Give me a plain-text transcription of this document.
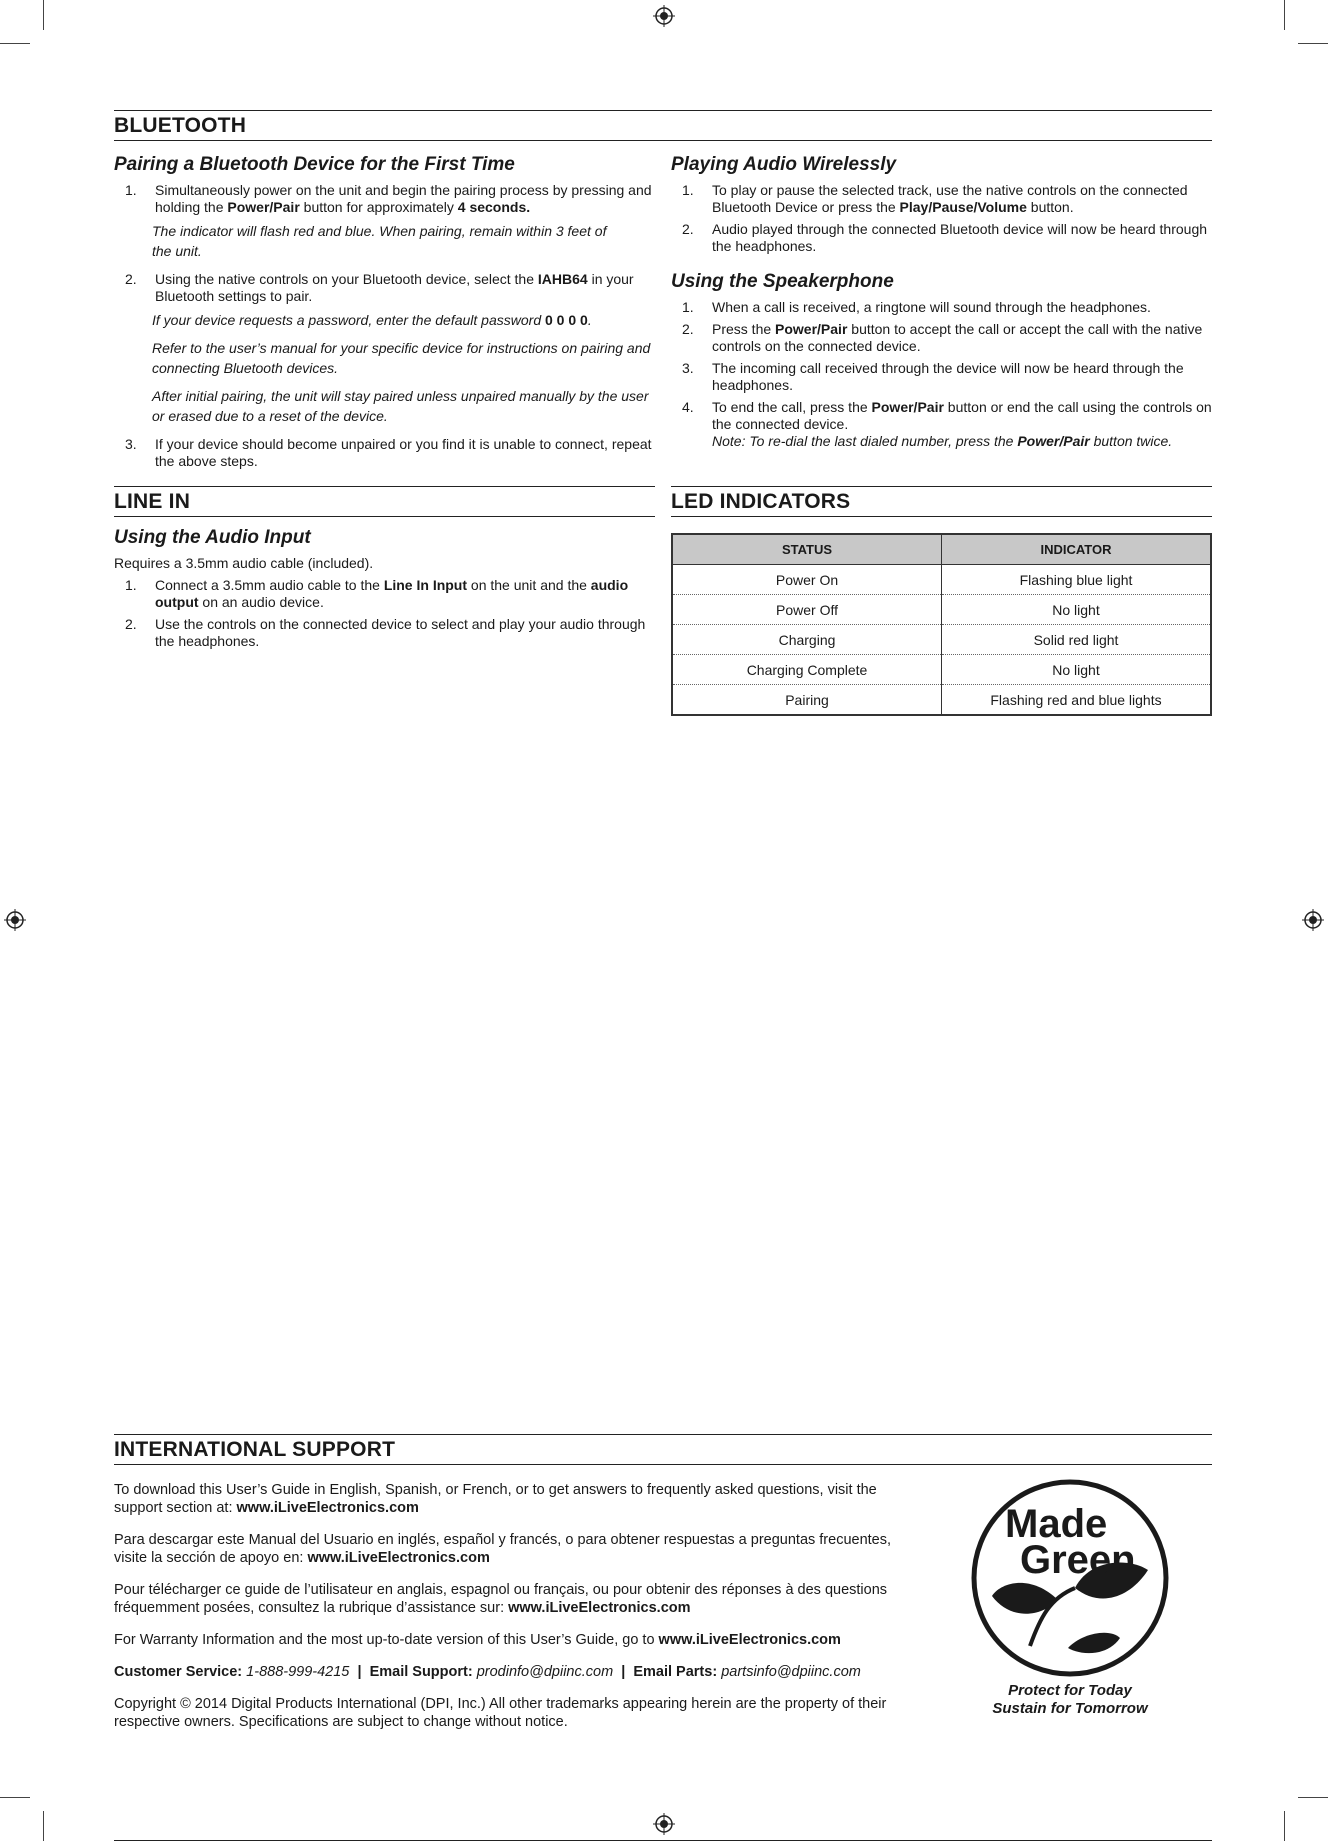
BLUETOOTH
Pairing a Bluetooth Device for the First Time
1. Simultaneously power on the unit and begin the pairing process by pressing and holding the Power/Pair button for approximately 4 seconds.
The indicator will flash red and blue. When pairing, remain within 3 feet of the unit.
2. Using the native controls on your Bluetooth device, select the IAHB64 in your Bluetooth settings to pair.
If your device requests a password, enter the default password 0 0 0 0.
Refer to the user’s manual for your specific device for instructions on pairing and connecting Bluetooth devices.
After initial pairing, the unit will stay paired unless unpaired manually by the user or erased due to a reset of the device.
3. If your device should become unpaired or you find it is unable to connect, repeat the above steps.
Playing Audio Wirelessly
1. To play or pause the selected track, use the native controls on the connected Bluetooth Device or press the Play/Pause/Volume button.
2. Audio played through the connected Bluetooth device will now be heard through the headphones.
Using the Speakerphone
1. When a call is received, a ringtone will sound through the headphones.
2. Press the Power/Pair button to accept the call or accept the call with the native controls on the connected device.
3. The incoming call received through the device will now be heard through the headphones.
4. To end the call, press the Power/Pair button or end the call using the controls on the connected device.
Note: To re-dial the last dialed number, press the Power/Pair button twice.
LINE IN
Using the Audio Input
Requires a 3.5mm audio cable (included).
1. Connect a 3.5mm audio cable to the Line In Input on the unit and the audio output on an audio device.
2. Use the controls on the connected device to select and play your audio through the headphones.
LED INDICATORS
STATUS	INDICATOR
Power On	Flashing blue light
Power Off	No light
Charging	Solid red light
Charging Complete	No light
Pairing	Flashing red and blue lights
INTERNATIONAL SUPPORT

To download this User’s Guide in English, Spanish, or French, or to get answers to frequently asked questions, visit the support section at: www.iLiveElectronics.com

Para descargar este Manual del Usuario en inglés, español y francés, o para obtener respuestas a preguntas frecuentes, visite la sección de apoyo en: www.iLiveElectronics.com

Pour télécharger ce guide de l’utilisateur en anglais, espagnol ou français, ou pour obtenir des réponses à des questions fréquemment posées, consultez la rubrique d’assistance sur: www.iLiveElectronics.com

For Warranty Information and the most up-to-date version of this User’s Guide, go to www.iLiveElectronics.com

Customer Service: 1-888-999-4215 | Email Support: prodinfo@dpiinc.com | Email Parts: partsinfo@dpiinc.com

Copyright © 2014 Digital Products International (DPI, Inc.) All other trademarks appearing herein are the property of their respective owners. Specifications are subject to change without notice.

Made
Green
Protect for Today
Sustain for Tomorrow
